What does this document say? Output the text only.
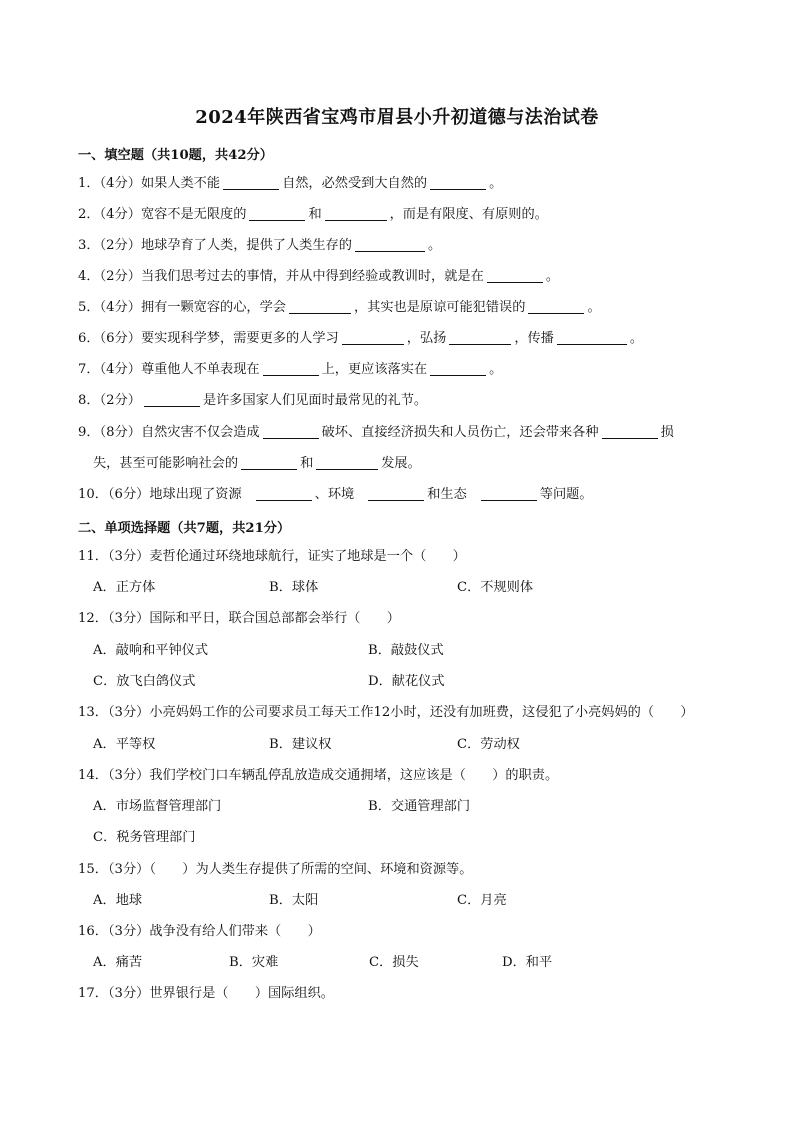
2024年陕西省宝鸡市眉县小升初道德与法治试卷
一、填空题（共10题，共42分）
1．（4分）如果人类不能	自然，必然受到大自然的	。
2．（4分）宽容不是无限度的	和	，而是有限度、有原则的。
3．（2分）地球孕育了人类，提供了人类生存的	。
4．（2分）当我们思考过去的事情，并从中得到经验或教训时，就是在	。
5．（4分）拥有一颗宽容的心，学会	，其实也是原谅可能犯错误的	。
6．（6分）要实现科学梦，需要更多的人学习	，弘扬	，传播	。
7．（4分）尊重他人不单表现在	上，更应该落实在	。
8．（2分）	是许多国家人们见面时最常见的礼节。
9．（8分）自然灾害不仅会造成	破坏、直接经济损失和人员伤亡，还会带来各种	损
失，甚至可能影响社会的	和	发展。
10．（6分）地球出现了资源	、环境	和生态	等问题。
二、单项选择题（共7题，共21分）
11．（3分）麦哲伦通过环绕地球航行，证实了地球是一个（　　）
A．正方体	B．球体	C．不规则体
12．（3分）国际和平日，联合国总部都会举行（　　）
A．敲响和平钟仪式	B．敲鼓仪式
C．放飞白鸽仪式	D．献花仪式
13．（3分）小亮妈妈工作的公司要求员工每天工作12小时，还没有加班费，这侵犯了小亮妈妈的（　　）
A．平等权	B．建议权	C．劳动权
14．（3分）我们学校门口车辆乱停乱放造成交通拥堵，这应该是（　　）的职责。
A．市场监督管理部门	B．交通管理部门
C．税务管理部门
15．（3分）（　　）为人类生存提供了所需的空间、环境和资源等。
A．地球	B．太阳	C．月亮
16．（3分）战争没有给人们带来（　　）
A．痛苦	B．灾难	C．损失	D．和平
17．（3分）世界银行是（　　）国际组织。
